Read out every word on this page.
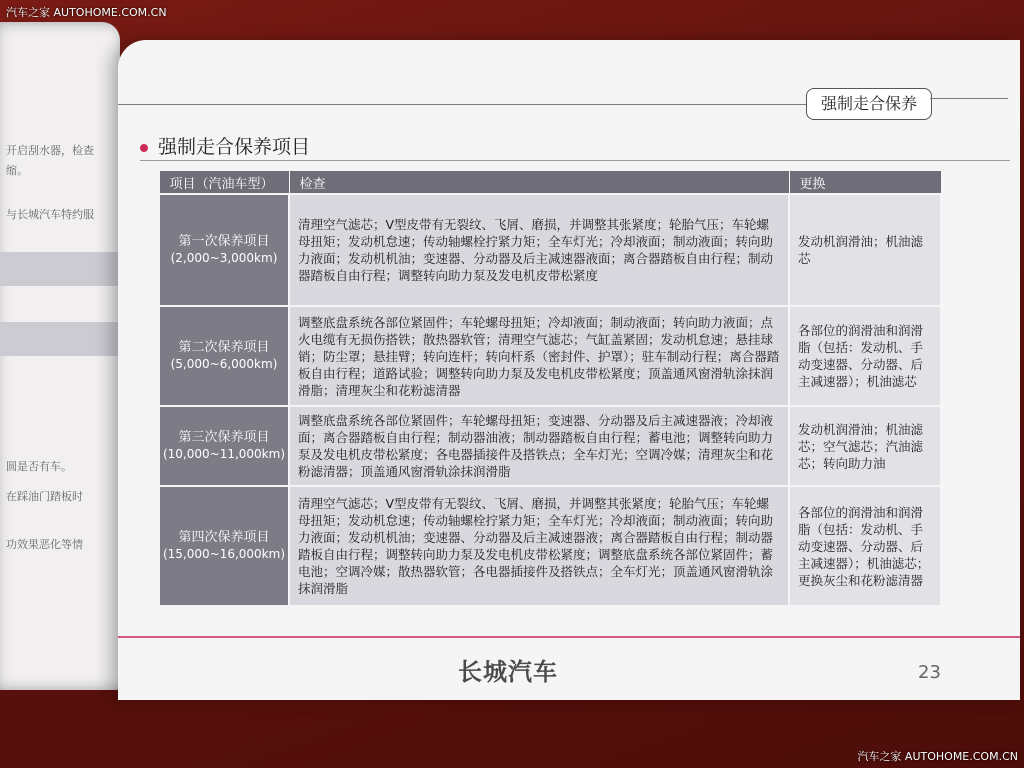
汽车之家 AUTOHOME.COM.CN
开启刮水器，检查
缩。
与长城汽车特约服
圆是否有车。
在踩油门踏板时
功效果恶化等情
强制走合保养
强制走合保养项目
项目（汽油车型）	检查	更换

第一次保养项目
(2,000~3,000km)	清理空气滤芯；V型皮带有无裂纹、飞屑、磨损，并调整其张紧度；轮胎气压；车轮螺母扭矩；发动机怠速；传动轴螺栓拧紧力矩；全车灯光；冷却液面；制动液面；转向助力液面；发动机机油；变速器、分动器及后主减速器液面；离合器踏板自由行程；制动器踏板自由行程；调整转向助力泵及发电机皮带松紧度	发动机润滑油；机油滤芯

第二次保养项目
(5,000~6,000km)	调整底盘系统各部位紧固件；车轮螺母扭矩；冷却液面；制动液面；转向助力液面；点火电缆有无损伤搭铁；散热器软管；清理空气滤芯；气缸盖紧固；发动机怠速；悬挂球销；防尘罩；悬挂臂；转向连杆；转向杆系（密封件、护罩）；驻车制动行程；离合器踏板自由行程；道路试验；调整转向助力泵及发电机皮带松紧度；顶盖通风窗滑轨涂抹润滑脂；清理灰尘和花粉滤清器	各部位的润滑油和润滑脂（包括：发动机、手动变速器、分动器、后主减速器）；机油滤芯

第三次保养项目
(10,000~11,000km)	调整底盘系统各部位紧固件；车轮螺母扭矩；变速器、分动器及后主减速器液；冷却液面；离合器踏板自由行程；制动器油液；制动器踏板自由行程；蓄电池；调整转向助力泵及发电机皮带松紧度；各电器插接件及搭铁点；全车灯光；空调冷媒；清理灰尘和花粉滤清器；顶盖通风窗滑轨涂抹润滑脂	发动机润滑油；机油滤芯；空气滤芯；汽油滤芯；转向助力油

第四次保养项目
(15,000~16,000km)	清理空气滤芯；V型皮带有无裂纹、飞屑、磨损，并调整其张紧度；轮胎气压；车轮螺母扭矩；发动机怠速；传动轴螺栓拧紧力矩；全车灯光；冷却液面；制动液面；转向助力液面；发动机机油；变速器、分动器及后主减速器液；离合器踏板自由行程；制动器踏板自由行程；调整转向助力泵及发电机皮带松紧度；调整底盘系统各部位紧固件；蓄电池；空调冷媒；散热器软管；各电器插接件及搭铁点；全车灯光；顶盖通风窗滑轨涂抹润滑脂	各部位的润滑油和润滑脂（包括：发动机、手动变速器、分动器、后主减速器）；机油滤芯；更换灰尘和花粉滤清器
长城汽车	23
汽车之家 AUTOHOME.COM.CN
